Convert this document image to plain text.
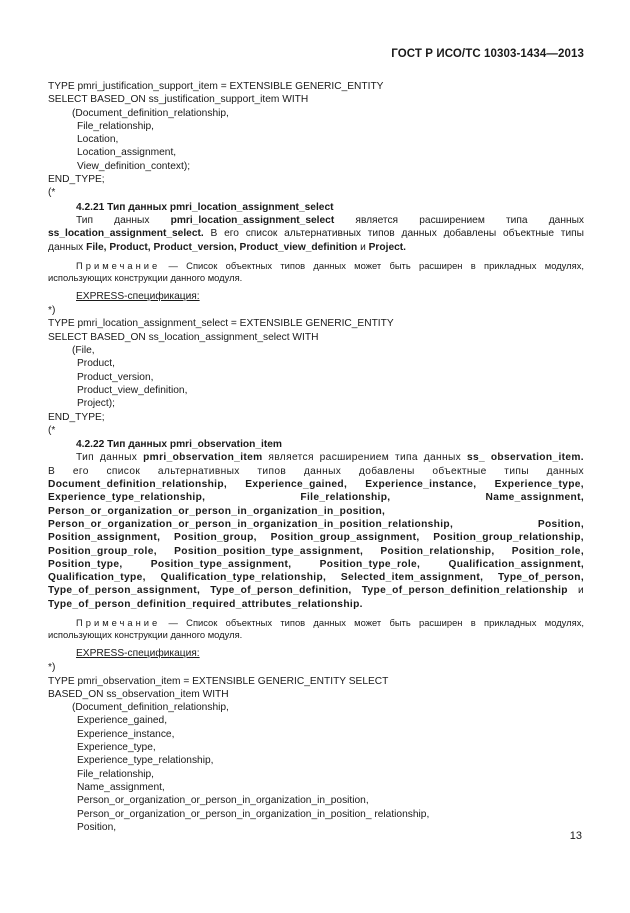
ГОСТ Р ИСО/ТС 10303-1434—2013
TYPE pmri_justification_support_item = EXTENSIBLE GENERIC_ENTITY
SELECT BASED_ON ss_justification_support_item WITH
(Document_definition_relationship,
File_relationship,
Location,
Location_assignment,
View_definition_context);
END_TYPE;
(*
4.2.21 Тип данных pmri_location_assignment_select
Тип данных pmri_location_assignment_select является расширением типа данных ss_location_assignment_select. В его список альтернативных типов данных добавлены объектные типы данных File, Product, Product_version, Product_view_definition и Project.
Примечание — Список объектных типов данных может быть расширен в прикладных модулях, использующих конструкции данного модуля.
EXPRESS-спецификация:
*)
TYPE pmri_location_assignment_select = EXTENSIBLE GENERIC_ENTITY
SELECT BASED_ON ss_location_assignment_select WITH
(File,
Product,
Product_version,
Product_view_definition,
Project);
END_TYPE;
(*
4.2.22 Тип данных pmri_observation_item
Тип данных pmri_observation_item является расширением типа данных ss_ observation_item. В его список альтернативных типов данных добавлены объектные типы данных Document_definition_relationship, Experience_gained, Experience_instance, Experience_type, Experience_type_relationship, File_relationship, Name_assignment, Person_or_organization_or_person_in_organization_in_position, Person_or_organization_or_person_in_organization_in_position_relationship, Position, Position_assignment, Position_group, Position_group_assignment, Position_group_relationship, Position_group_role, Position_position_type_assignment, Position_relationship, Position_role, Position_type, Position_type_assignment, Position_type_role, Qualification_assignment, Qualification_type, Qualification_type_relationship, Selected_item_assignment, Type_of_person, Type_of_person_assignment, Type_of_person_definition, Type_of_person_definition_relationship и Type_of_person_definition_required_attributes_relationship.
Примечание — Список объектных типов данных может быть расширен в прикладных модулях, использующих конструкции данного модуля.
EXPRESS-спецификация:
*)
TYPE pmri_observation_item = EXTENSIBLE GENERIC_ENTITY SELECT
BASED_ON ss_observation_item WITH
(Document_definition_relationship,
Experience_gained,
Experience_instance,
Experience_type,
Experience_type_relationship,
File_relationship,
Name_assignment,
Person_or_organization_or_person_in_organization_in_position,
Person_or_organization_or_person_in_organization_in_position_ relationship,
Position,
13
